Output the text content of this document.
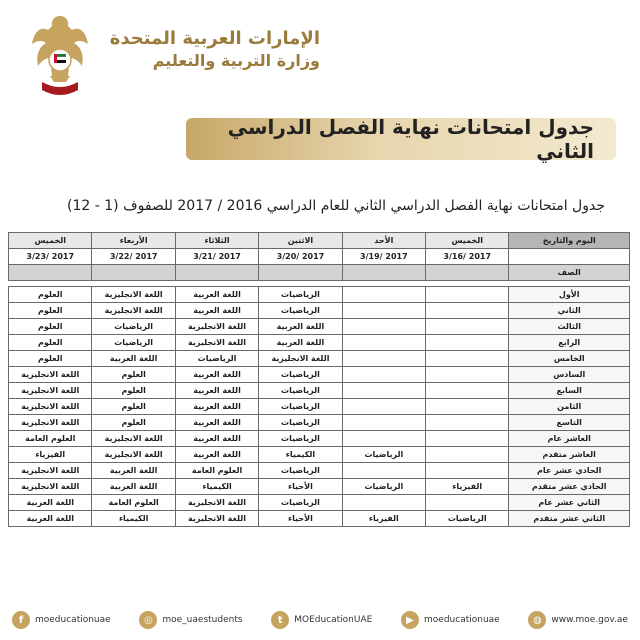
الإمارات العربية المتحدة
وزارة التربية والتعليم
جدول امتحانات نهاية الفصل الدراسي الثاني
جدول امتحانات نهاية الفصل الدراسي الثاني للعام الدراسي 2016 / 2017 للصفوف (1 - 12)
اليوم والتاريخ	الخميس	الأحد	الاثنين	الثلاثاء	الأربعاء	الخميس
	2017 /3/16	2017 /3/19	2017 /3/20	2017 /3/21	2017 /3/22	2017 /3/23
الصف						

الأول			الرياضيات	اللغة العربية	اللغة الانجليزية	العلوم
الثاني			الرياضيات	اللغة العربية	اللغة الانجليزية	العلوم
الثالث			اللغة العربية	اللغة الانجليزية	الرياضيات	العلوم
الرابع			اللغة العربية	اللغة الانجليزية	الرياضيات	العلوم
الخامس			اللغة الانجليزية	الرياضيات	اللغة العربية	العلوم
السادس			الرياضيات	اللغة العربية	العلوم	اللغة الانجليزية
السابع			الرياضيات	اللغة العربية	العلوم	اللغة الانجليزية
الثامن			الرياضيات	اللغة العربية	العلوم	اللغة الانجليزية
التاسع			الرياضيات	اللغة العربية	العلوم	اللغة الانجليزية
العاشر عام			الرياضيات	اللغة العربية	اللغة الانجليزية	العلوم العامة
العاشر متقدم		الرياضيات	الكيمياء	اللغة العربية	اللغة الانجليزية	الفيزياء
الحادي عشر عام			الرياضيات	العلوم العامة	اللغة العربية	اللغة الانجليزية
الحادي عشر متقدم	الفيزياء	الرياضيات	الأحياء	الكيمياء	اللغة العربية	اللغة الانجليزية
الثاني عشر عام			الرياضيات	اللغة الانجليزية	العلوم العامة	اللغة العربية
الثاني عشر متقدم	الرياضيات	الفيزياء	الأحياء	اللغة الانجليزية	الكيمياء	اللغة العربية
f	moeducationuae	◎	moe_uaestudents	t	MOEducationUAE	▶	moeducationuae	◍	www.moe.gov.ae
